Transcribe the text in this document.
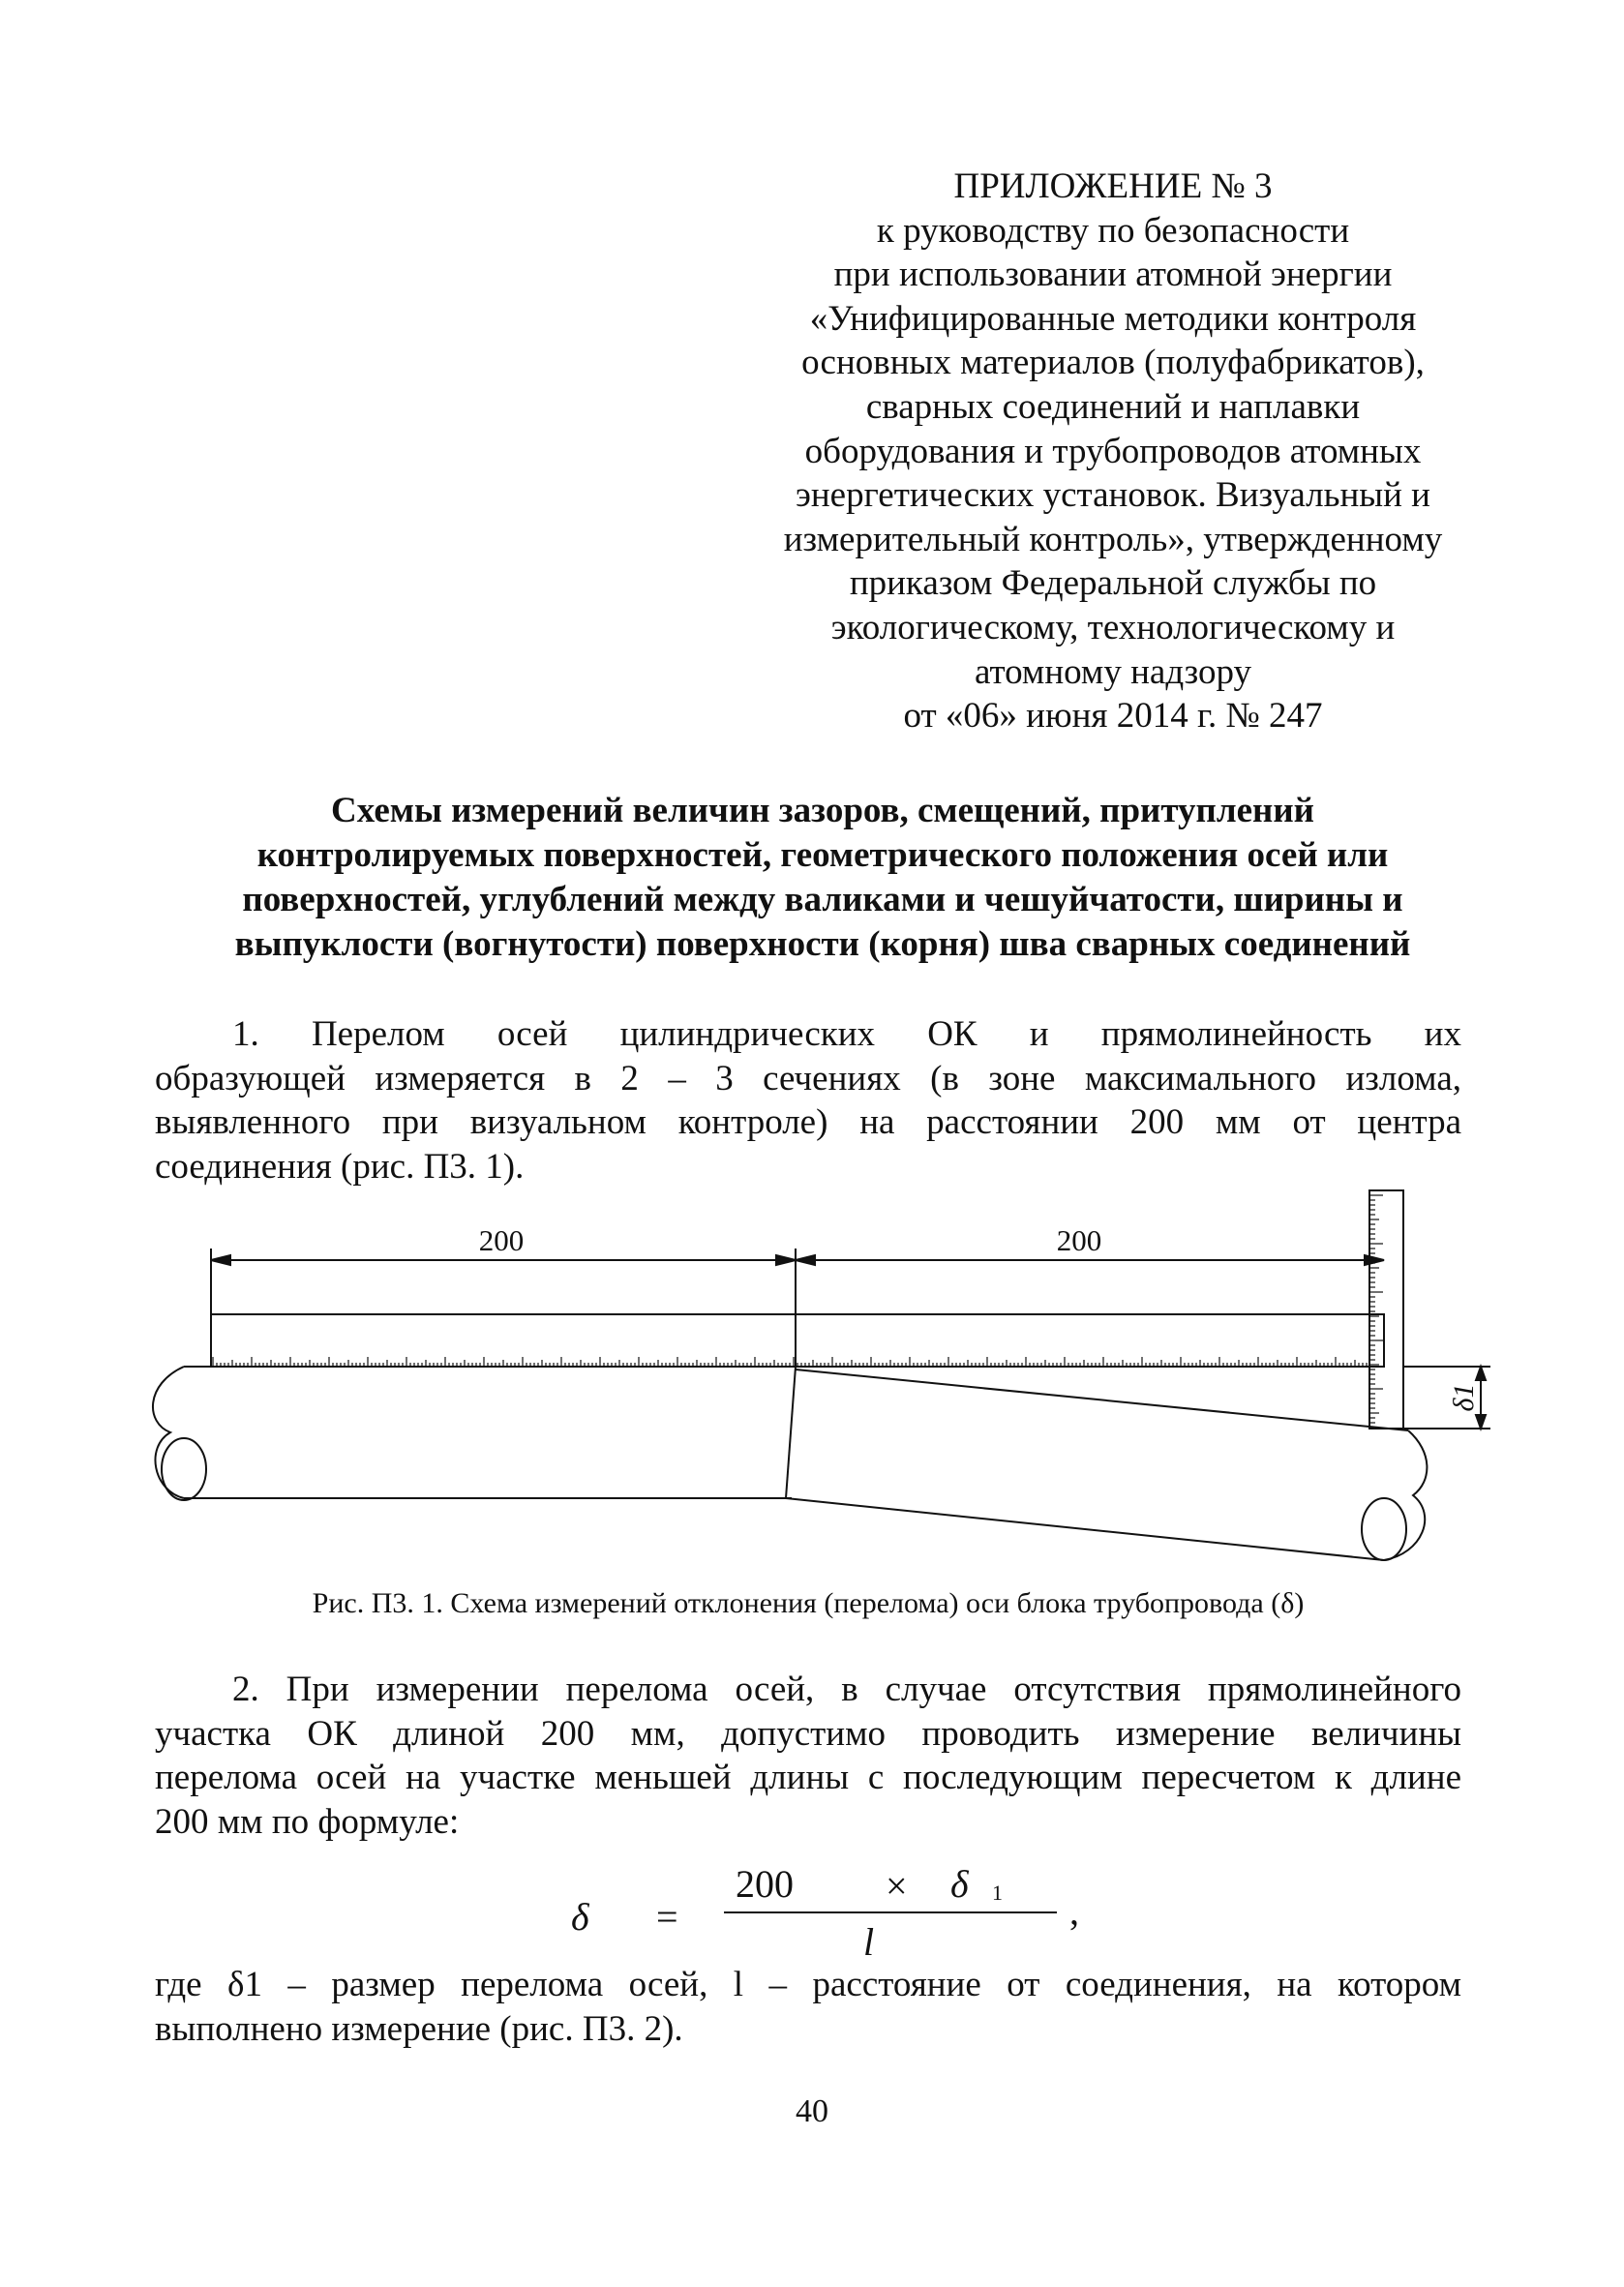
ПРИЛОЖЕНИЕ № 3
к руководству по безопасности
при использовании атомной энергии
«Унифицированные методики контроля
основных материалов (полуфабрикатов),
сварных соединений и наплавки
оборудования и трубопроводов атомных
энергетических установок. Визуальный и
измерительный контроль», утвержденному
приказом Федеральной службы по
экологическому, технологическому и
атомному надзору
от «06» июня 2014 г. № 247
Схемы измерений величин зазоров, смещений, притуплений
контролируемых поверхностей, геометрического положения осей или
поверхностей, углублений между валиками и чешуйчатости, ширины и
выпуклости (вогнутости) поверхности (корня) шва сварных соединений
1. Перелом осей цилиндрических ОК и прямолинейность их
образующей измеряется в 2 – 3 сечениях (в зоне максимального излома,
выявленного при визуальном контроле) на расстоянии 200 мм от центра
соединения (рис. П3. 1).
200	200
δ1
Рис. П3. 1. Схема измерений отклонения (перелома) оси блока трубопровода (δ)
2. При измерении перелома осей, в случае отсутствия прямолинейного
участка ОК длиной 200 мм, допустимо проводить измерение величины
перелома осей на участке меньшей длины с последующим пересчетом к длине
200 мм по формуле:
δ =
200 × δ 1
l
,
где δ1 – размер перелома осей, l – расстояние от соединения, на котором
выполнено измерение (рис. П3. 2).
40
